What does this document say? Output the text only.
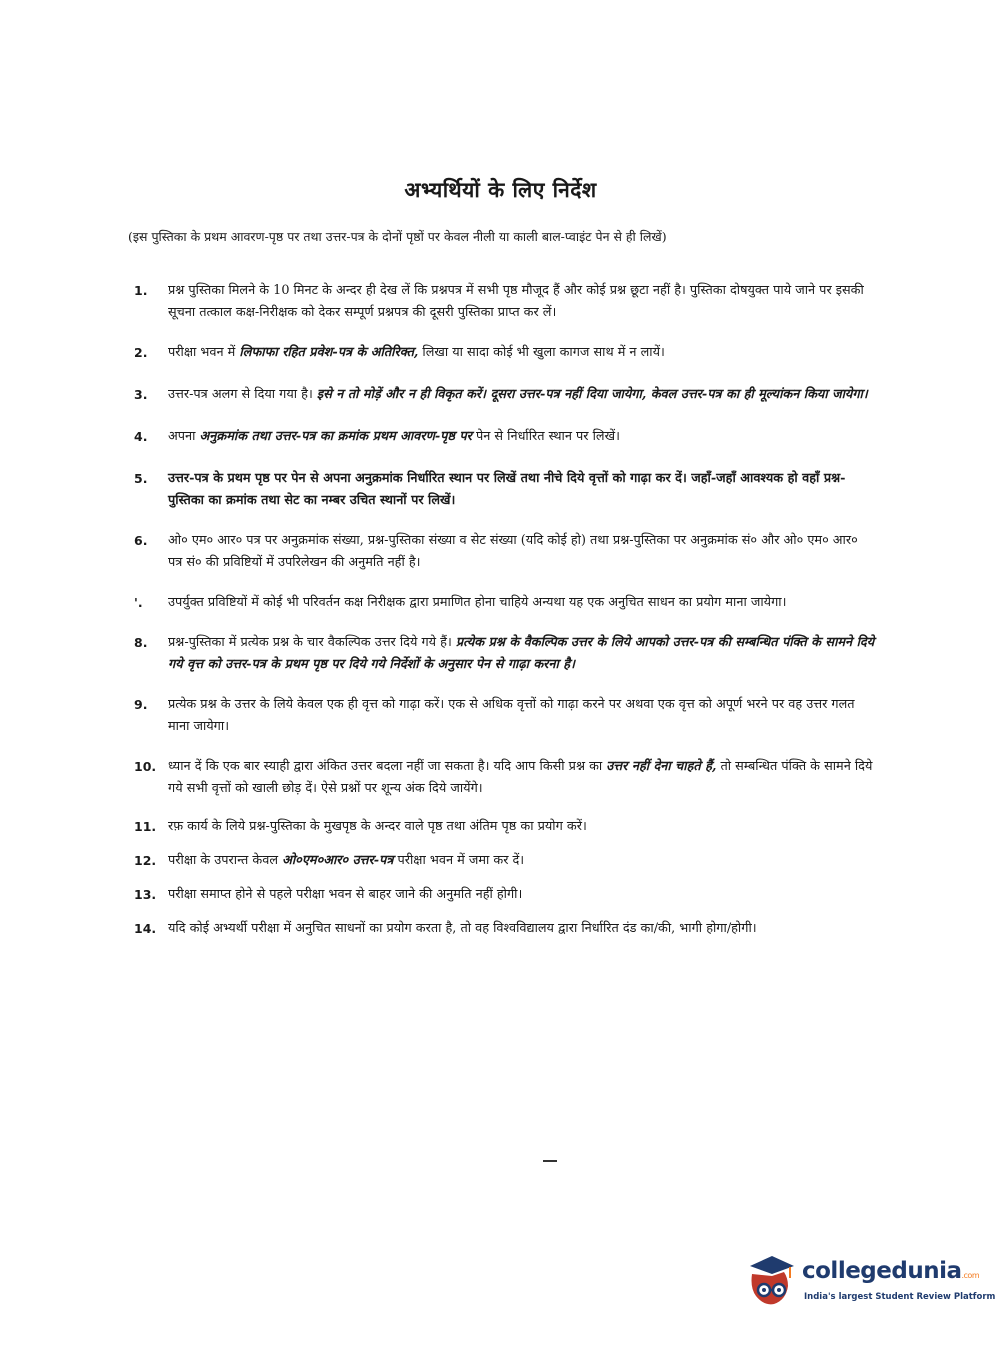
अभ्यर्थियों के लिए निर्देश
(इस पुस्तिका के प्रथम आवरण-पृष्ठ पर तथा उत्तर-पत्र के दोनों पृष्ठों पर केवल नीली या काली बाल-प्वाइंट पेन से ही लिखें)
1.	प्रश्न पुस्तिका मिलने के 10 मिनट के अन्दर ही देख लें कि प्रश्नपत्र में सभी पृष्ठ मौजूद हैं और कोई प्रश्न छूटा नहीं है। पुस्तिका दोषयुक्त पाये जाने पर इसकी सूचना तत्काल कक्ष-निरीक्षक को देकर सम्पूर्ण प्रश्नपत्र की दूसरी पुस्तिका प्राप्त कर लें।
2.	परीक्षा भवन में लिफाफा रहित प्रवेश-पत्र के अतिरिक्त, लिखा या सादा कोई भी खुला कागज साथ में न लायें।
3.	उत्तर-पत्र अलग से दिया गया है। इसे न तो मोड़ें और न ही विकृत करें। दूसरा उत्तर-पत्र नहीं दिया जायेगा, केवल उत्तर-पत्र का ही मूल्यांकन किया जायेगा।
4.	अपना अनुक्रमांक तथा उत्तर-पत्र का क्रमांक प्रथम आवरण-पृष्ठ पर पेन से निर्धारित स्थान पर लिखें।
5.	उत्तर-पत्र के प्रथम पृष्ठ पर पेन से अपना अनुक्रमांक निर्धारित स्थान पर लिखें तथा नीचे दिये वृत्तों को गाढ़ा कर दें। जहाँ-जहाँ आवश्यक हो वहाँ प्रश्न-पुस्तिका का क्रमांक तथा सेट का नम्बर उचित स्थानों पर लिखें।
6.	ओ० एम० आर० पत्र पर अनुक्रमांक संख्या, प्रश्न-पुस्तिका संख्या व सेट संख्या (यदि कोई हो) तथा प्रश्न-पुस्तिका पर अनुक्रमांक सं० और ओ० एम० आर० पत्र सं० की प्रविष्टियों में उपरिलेखन की अनुमति नहीं है।
'.	उपर्युक्त प्रविष्टियों में कोई भी परिवर्तन कक्ष निरीक्षक द्वारा प्रमाणित होना चाहिये अन्यथा यह एक अनुचित साधन का प्रयोग माना जायेगा।
8.	प्रश्न-पुस्तिका में प्रत्येक प्रश्न के चार वैकल्पिक उत्तर दिये गये हैं। प्रत्येक प्रश्न के वैकल्पिक उत्तर के लिये आपको उत्तर-पत्र की सम्बन्धित पंक्ति के सामने दिये गये वृत्त को उत्तर-पत्र के प्रथम पृष्ठ पर दिये गये निर्देशों के अनुसार पेन से गाढ़ा करना है।
9.	प्रत्येक प्रश्न के उत्तर के लिये केवल एक ही वृत्त को गाढ़ा करें। एक से अधिक वृत्तों को गाढ़ा करने पर अथवा एक वृत्त को अपूर्ण भरने पर वह उत्तर गलत माना जायेगा।
10. ध्यान दें कि एक बार स्याही द्वारा अंकित उत्तर बदला नहीं जा सकता है। यदि आप किसी प्रश्न का उत्तर नहीं देना चाहते हैं, तो सम्बन्धित पंक्ति के सामने दिये गये सभी वृत्तों को खाली छोड़ दें। ऐसे प्रश्नों पर शून्य अंक दिये जायेंगे।
11. रफ़ कार्य के लिये प्रश्न-पुस्तिका के मुखपृष्ठ के अन्दर वाले पृष्ठ तथा अंतिम पृष्ठ का प्रयोग करें।
12. परीक्षा के उपरान्त केवल ओ०एम०आर० उत्तर-पत्र परीक्षा भवन में जमा कर दें।
13. परीक्षा समाप्त होने से पहले परीक्षा भवन से बाहर जाने की अनुमति नहीं होगी।
14. यदि कोई अभ्यर्थी परीक्षा में अनुचित साधनों का प्रयोग करता है, तो वह विश्वविद्यालय द्वारा निर्धारित दंड का/की, भागी होगा/होगी।
collegedunia.com
India's largest Student Review Platform
